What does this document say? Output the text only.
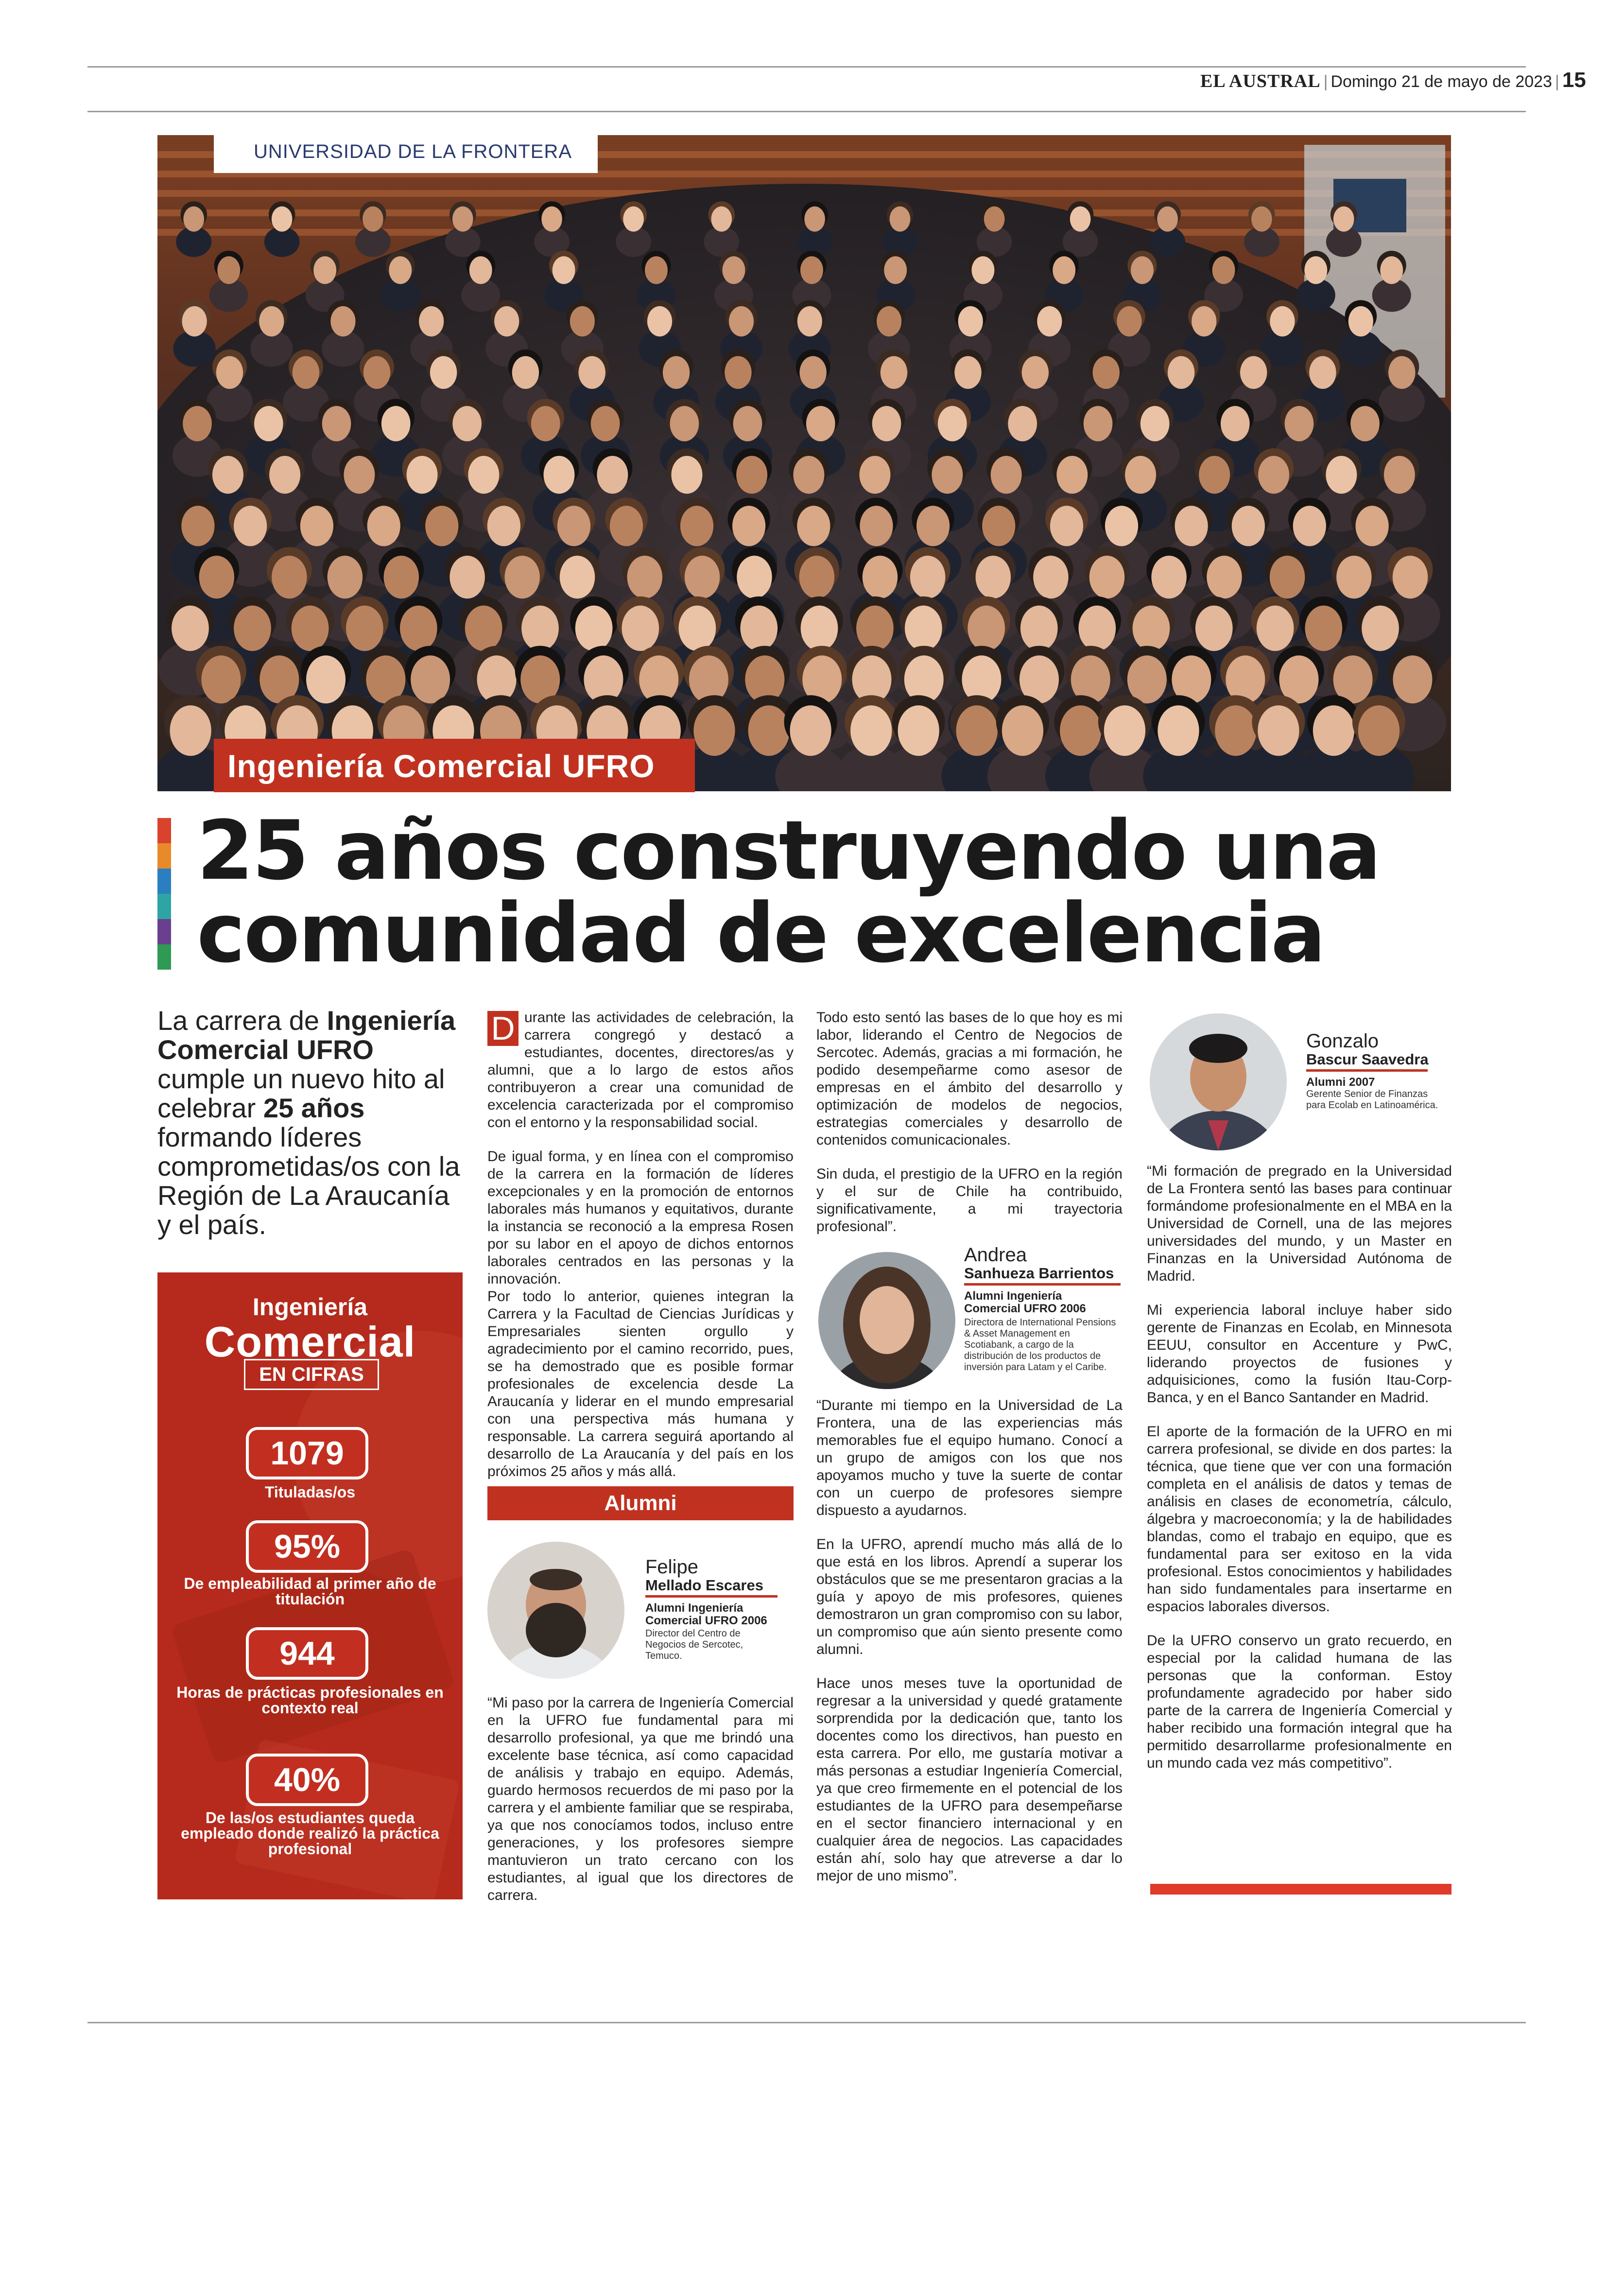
EL AUSTRAL | Domingo 21 de mayo de 2023 | 15
UNIVERSIDAD DE LA FRONTERA
Ingeniería Comercial UFRO
25 años construyendo una
comunidad de excelencia
La carrera de Ingeniería Comercial UFRO cumple un nuevo hito al celebrar 25 años formando líderes comprometidas/os con la Región de La Araucanía y el país.
Ingeniería
Comercial
EN CIFRAS
1079
Tituladas/os
95%
De empleabilidad al primer año de titulación
944
Horas de prácticas profesionales en contexto real
40%
De las/os estudiantes queda empleado donde realizó la práctica profesional

D urante las actividades de celebración, la carrera congregó y destacó a estudiantes, docentes, directores/as y alumni, que a lo largo de estos años contribuyeron a crear una comunidad de excelencia caracterizada por el compromiso con el entorno y la responsabilidad social.

De igual forma, y en línea con el compromiso de la carrera en la formación de líderes excepcionales y en la promoción de entornos laborales más humanos y equitativos, durante la instancia se reconoció a la empresa Rosen por su labor en el apoyo de dichos entornos laborales centrados en las personas y la innovación.

Por todo lo anterior, quienes integran la Carrera y la Facultad de Ciencias Jurídicas y Empresariales sienten orgullo y agradecimiento por el camino recorrido, pues, se ha demostrado que es posible formar profesionales de excelencia desde La Araucanía y liderar en el mundo empresarial con una perspectiva más humana y responsable. La carrera seguirá aportando al desarrollo de La Araucanía y del país en los próximos 25 años y más allá.

Alumni
Felipe
Mellado Escares
Alumni Ingeniería Comercial UFRO 2006
Director del Centro de Negocios de Sercotec, Temuco.

“Mi paso por la carrera de Ingeniería Comercial en la UFRO fue fundamental para mi desarrollo profesional, ya que me brindó una excelente base técnica, así como capacidad de análisis y trabajo en equipo. Además, guardo hermosos recuerdos de mi paso por la carrera y el ambiente familiar que se respiraba, ya que nos conocíamos todos, incluso entre generaciones, y los profesores siempre mantuvieron un trato cercano con los estudiantes, al igual que los directores de carrera.

Todo esto sentó las bases de lo que hoy es mi labor, liderando el Centro de Negocios de Sercotec. Además, gracias a mi formación, he podido desempeñarme como asesor de empresas en el ámbito del desarrollo y optimización de modelos de negocios, estrategias comerciales y desarrollo de contenidos comunicacionales.

Sin duda, el prestigio de la UFRO en la región y el sur de Chile ha contribuido, significativamente, a mi trayectoria profesional”.

Andrea
Sanhueza Barrientos
Alumni Ingeniería Comercial UFRO 2006
Directora de International Pensions & Asset Management en Scotiabank, a cargo de la distribución de los productos de inversión para Latam y el Caribe.

“Durante mi tiempo en la Universidad de La Frontera, una de las experiencias más memorables fue el equipo humano. Conocí a un grupo de amigos con los que nos apoyamos mucho y tuve la suerte de contar con un cuerpo de profesores siempre dispuesto a ayudarnos.

En la UFRO, aprendí mucho más allá de lo que está en los libros. Aprendí a superar los obstáculos que se me presentaron gracias a la guía y apoyo de mis profesores, quienes demostraron un gran compromiso con su labor, un compromiso que aún siento presente como alumni.

Hace unos meses tuve la oportunidad de regresar a la universidad y quedé gratamente sorprendida por la dedicación que, tanto los docentes como los directivos, han puesto en esta carrera. Por ello, me gustaría motivar a más personas a estudiar Ingeniería Comercial, ya que creo firmemente en el potencial de los estudiantes de la UFRO para desempeñarse en el sector financiero internacional y en cualquier área de negocios. Las capacidades están ahí, solo hay que atreverse a dar lo mejor de uno mismo”.

Gonzalo
Bascur Saavedra
Alumni 2007
Gerente Senior de Finanzas para Ecolab en Latinoamérica.

“Mi formación de pregrado en la Universidad de La Frontera sentó las bases para continuar formándome profesionalmente en el MBA en la Universidad de Cornell, una de las mejores universidades del mundo, y un Master en Finanzas en la Universidad Autónoma de Madrid.

Mi experiencia laboral incluye haber sido gerente de Finanzas en Ecolab, en Minnesota EEUU, consultor en Accenture y PwC, liderando proyectos de fusiones y adquisiciones, como la fusión Itau-Corp-Banca, y en el Banco Santander en Madrid.

El aporte de la formación de la UFRO en mi carrera profesional, se divide en dos partes: la técnica, que tiene que ver con una formación completa en el análisis de datos y temas de análisis en clases de econometría, cálculo, álgebra y macroeconomía; y la de habilidades blandas, como el trabajo en equipo, que es fundamental para ser exitoso en la vida profesional. Estos conocimientos y habilidades han sido fundamentales para insertarme en espacios laborales diversos.

De la UFRO conservo un grato recuerdo, en especial por la calidad humana de las personas que la conforman. Estoy profundamente agradecido por haber sido parte de la carrera de Ingeniería Comercial y haber recibido una formación integral que ha permitido desarrollarme profesionalmente en un mundo cada vez más competitivo”.
